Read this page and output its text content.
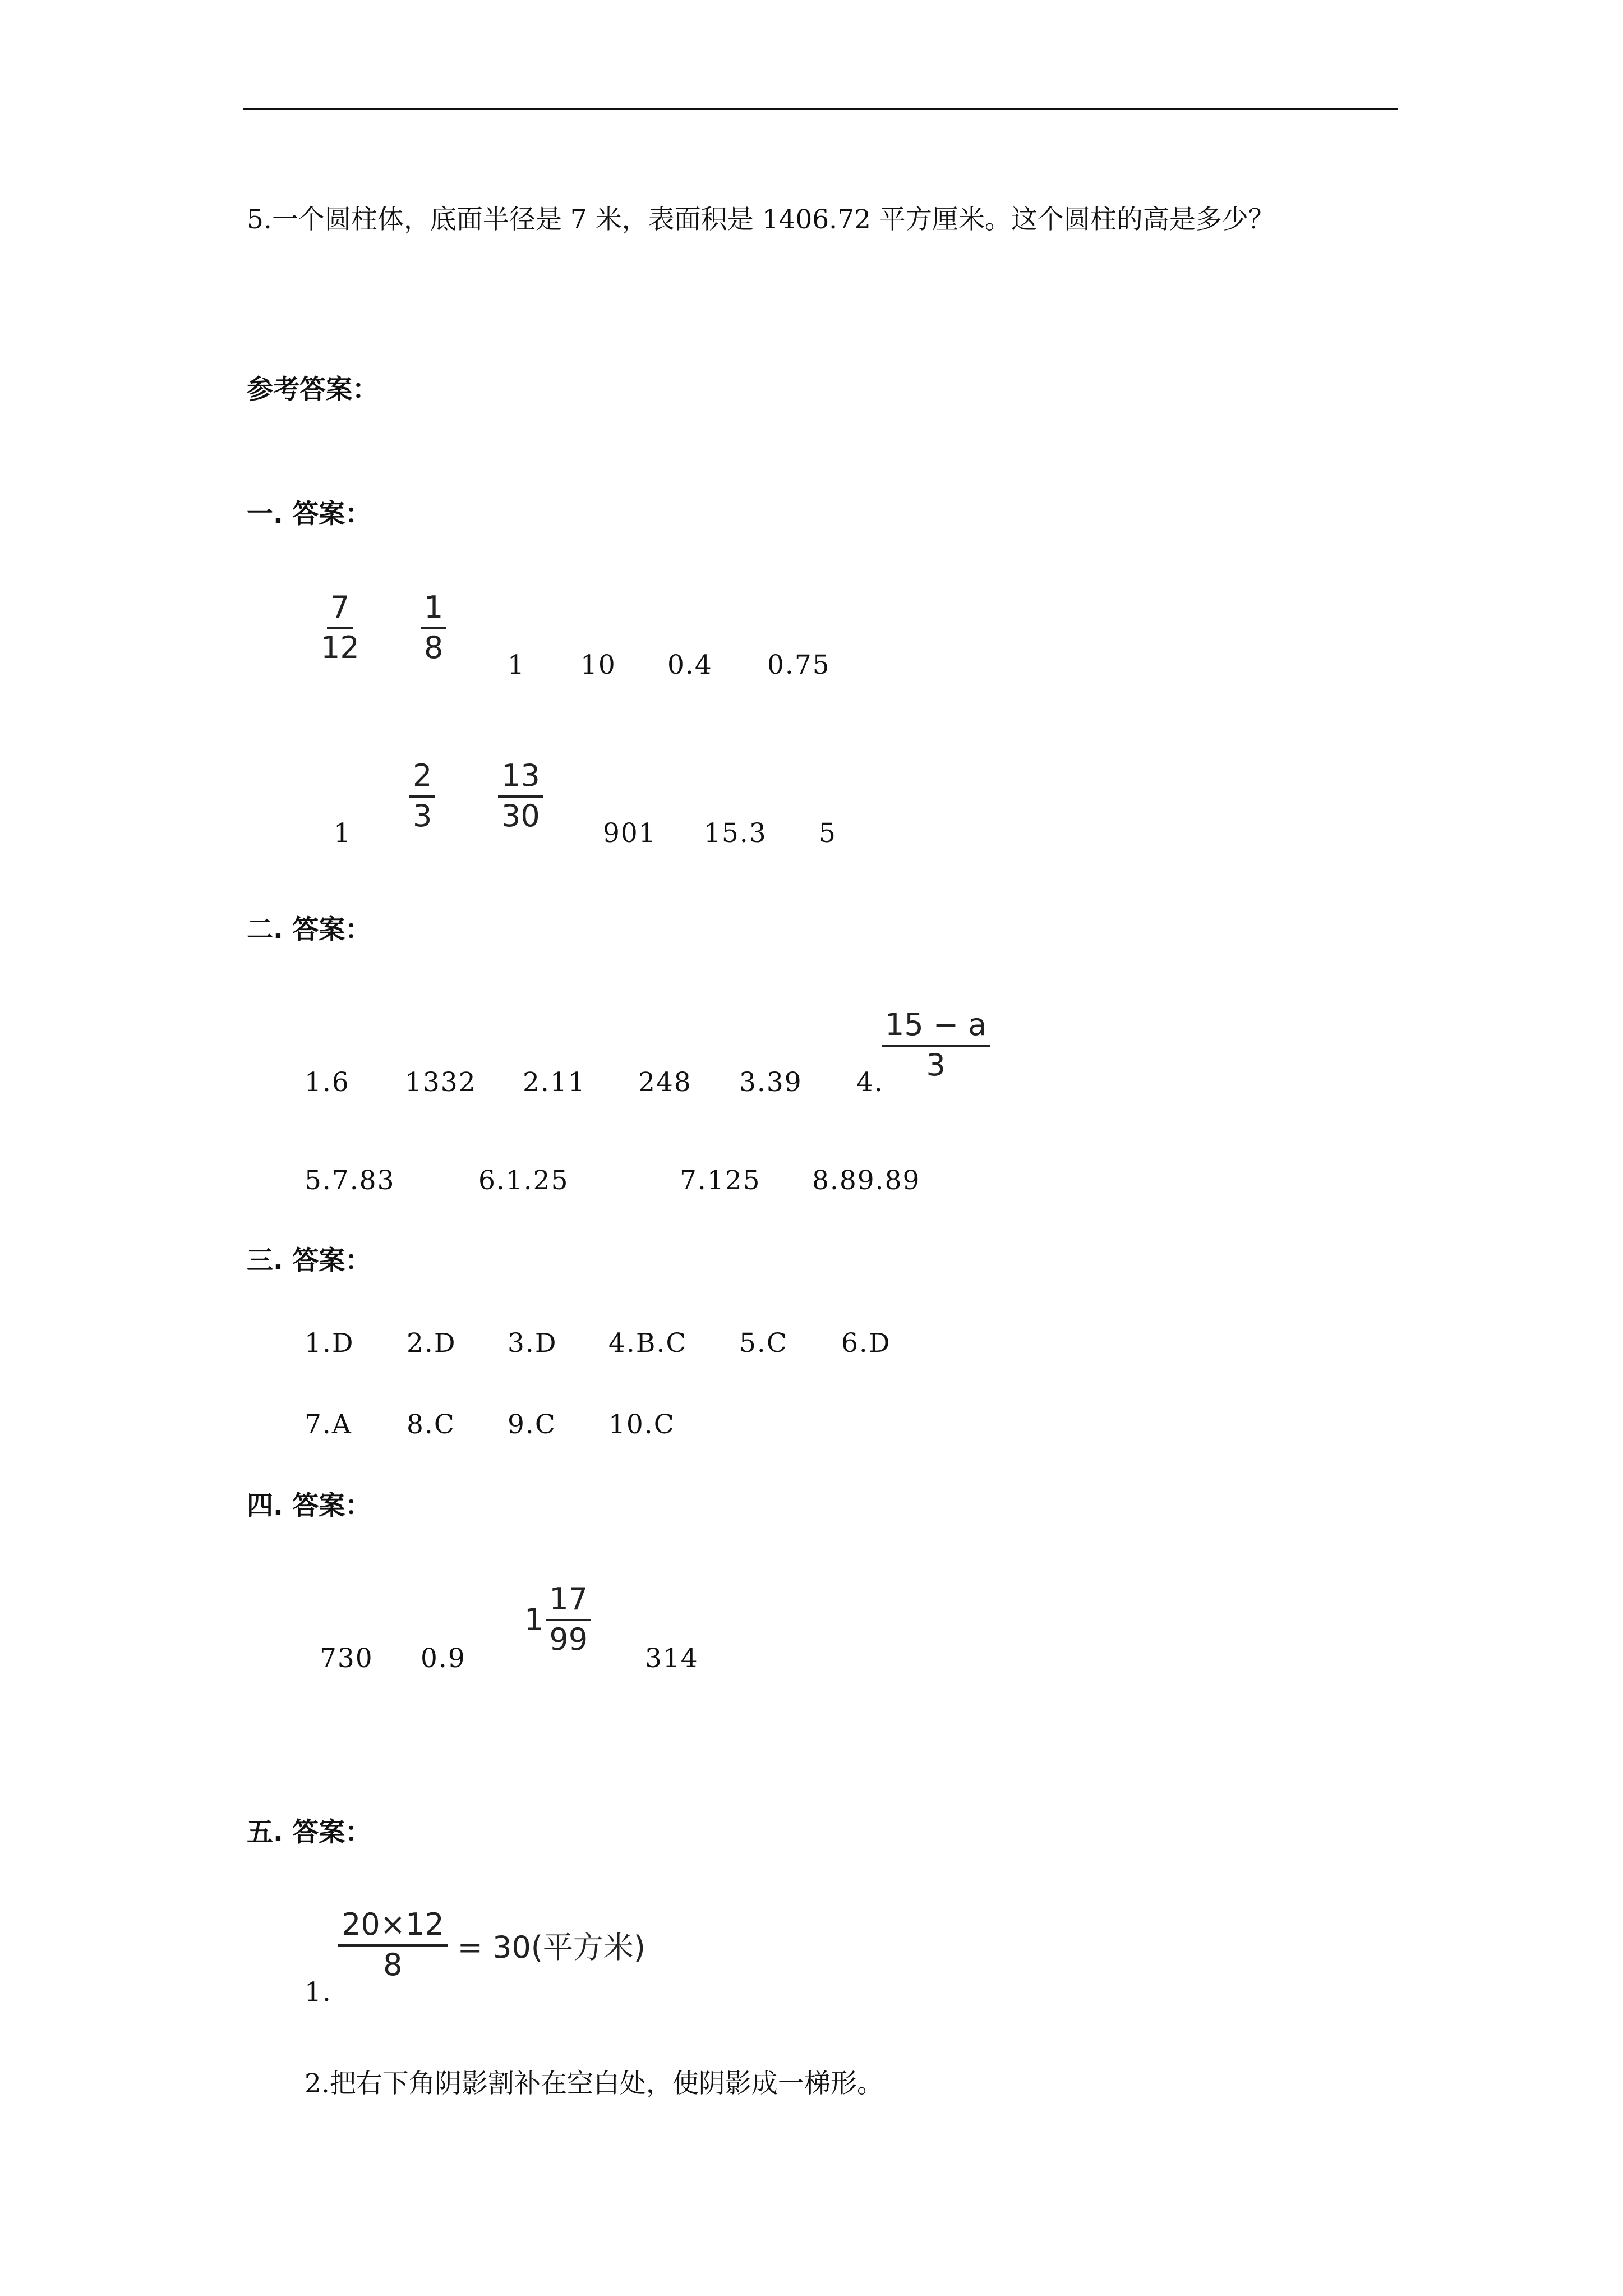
5.一个圆柱体，底面半径是 7 米，表面积是 1406.72 平方厘米。这个圆柱的高是多少？
参考答案：
一. 答案：
$\frac{7}{12} \frac{1}{8} 1$ 10 0.4 0.75
$1 \frac{2}{3} \frac{13}{30} 901$ 15.3 5
二. 答案：
1.6 1332 2.11 248 3.39 4.
$\frac{15 - a}{3}$
5.7.83	6.1.25	7.125 8.89.89
三. 答案：
1.D 2.D 3.D 4.B.C 5.C 6.D
7.A 8.C 9.C 10.C
四. 答案：
730 0.9
$1 \frac{17}{99}$
314
五. 答案：
1.
$\frac{20\times 12}{8} = 30$(平方米)
2.把右下角阴影割补在空白处，使阴影成一梯形。
